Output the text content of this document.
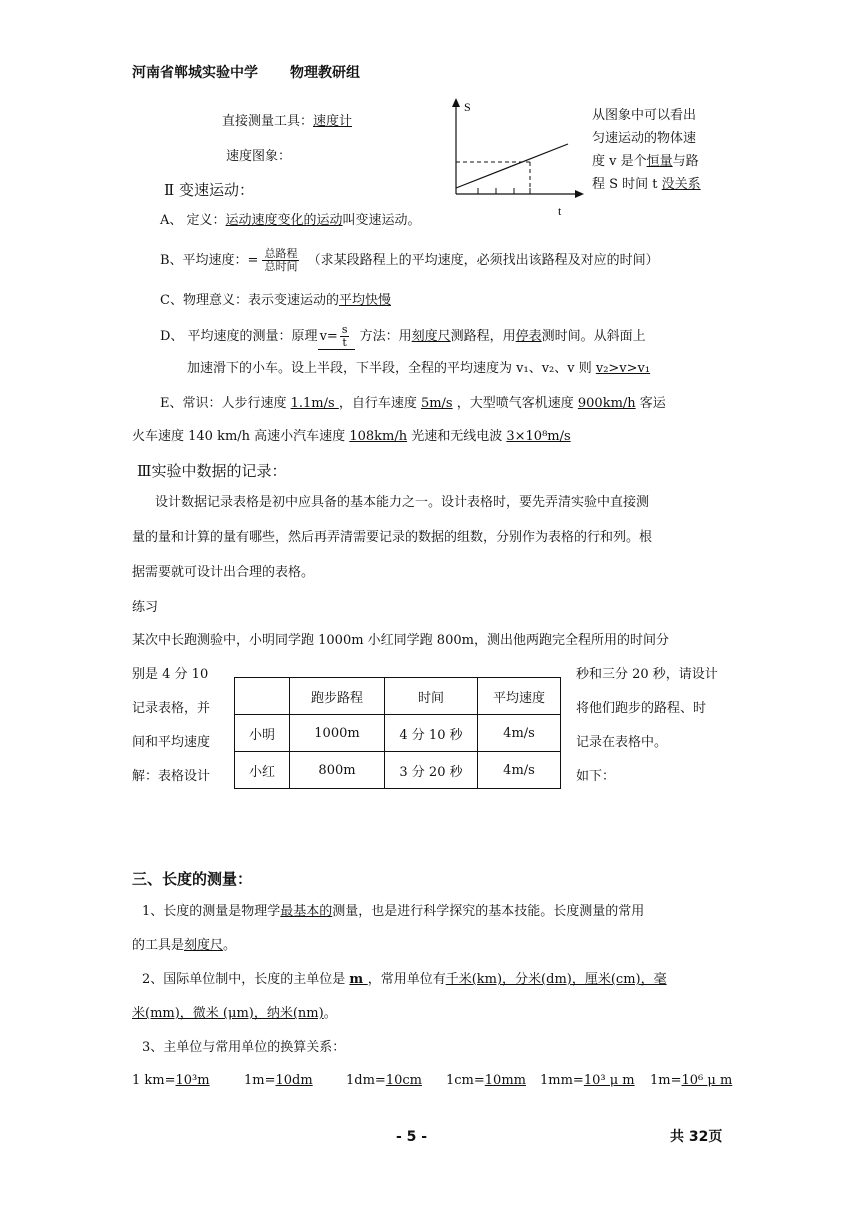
河南省郸城实验中学 物理教研组
直接测量工具：速度计
速度图象：
S
t
从图象中可以看出
匀速运动的物体速
度 v 是个恒量与路
程 S 时间 t 没关系
Ⅱ 变速运动：
A、 定义：运动速度变化的运动叫变速运动。
B、平均速度：= $\frac{\text{总路程}}{\text{总时间}}$ （求某段路程上的平均速度，必须找出该路程及对应的时间）
C、物理意义：表示变速运动的平均快慢
D、 平均速度的测量：原理 $v= \frac{s}{t}$ 方法：用刻度尺测路程，用停表测时间。从斜面上
加速滑下的小车。设上半段，下半段，全程的平均速度为 v₁、v₂、v 则 v₂>v>v₁
E、常识：人步行速度 1.1m/s ，自行车速度 5m/s ，大型喷气客机速度 900km/h 客运
火车速度 140 km/h 高速小汽车速度 108km/h 光速和无线电波 3×10⁸m/s
Ⅲ实验中数据的记录：
设计数据记录表格是初中应具备的基本能力之一。设计表格时，要先弄清实验中直接测
量的量和计算的量有哪些，然后再弄清需要记录的数据的组数，分别作为表格的行和列。根
据需要就可设计出合理的表格。
练习
某次中长跑测验中，小明同学跑 1000m 小红同学跑 800m，测出他两跑完全程所用的时间分
别是 4 分 10
记录表格，并
间和平均速度
解：表格设计
秒和三分 20 秒，请设计
将他们跑步的路程、时
记录在表格中。
如下：
	跑步路程	时间	平均速度
小明	1000m	4 分 10 秒	4m/s
小红	800m	3 分 20 秒	4m/s
三、长度的测量：
1、长度的测量是物理学最基本的测量，也是进行科学探究的基本技能。长度测量的常用
的工具是刻度尺。
2、国际单位制中，长度的主单位是 m ，常用单位有千米(km)，分米(dm)，厘米(cm)，毫
米(mm)，微米 (μm)，纳米(nm)。
3、主单位与常用单位的换算关系：
1 km=10³m	1m=10dm	1dm=10cm 1cm=10mm 1mm=10³ μ m 1m=10⁶ μ m
- 5 -	共 32页
